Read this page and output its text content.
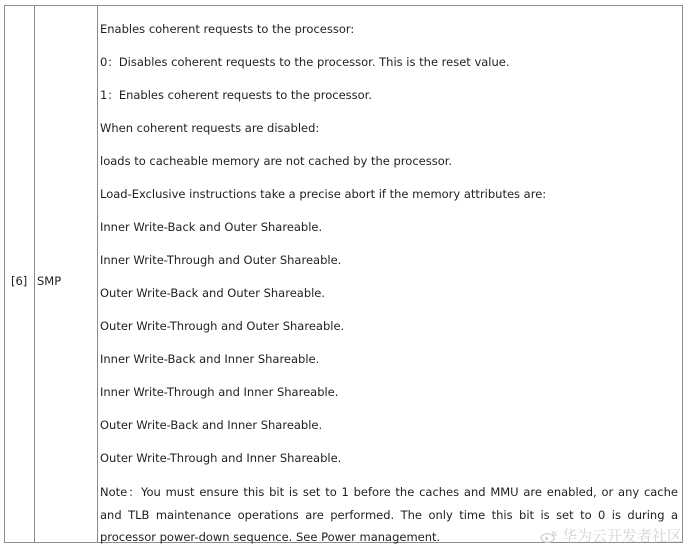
[6] SMP
Enables coherent requests to the processor:
0：Disables coherent requests to the processor. This is the reset value.
1：Enables coherent requests to the processor.
When coherent requests are disabled:
loads to cacheable memory are not cached by the processor.
Load-Exclusive instructions take a precise abort if the memory attributes are:
Inner Write-Back and Outer Shareable.
Inner Write-Through and Outer Shareable.
Outer Write-Back and Outer Shareable.
Outer Write-Through and Outer Shareable.
Inner Write-Back and Inner Shareable.
Inner Write-Through and Inner Shareable.
Outer Write-Back and Inner Shareable.
Outer Write-Through and Inner Shareable.
Note：You must ensure this bit is set to 1 before the caches and MMU are enabled, or any cache and TLB maintenance operations are performed. The only time this bit is set to 0 is during a processor power-down sequence. See Power management.	华为云开发者社区
